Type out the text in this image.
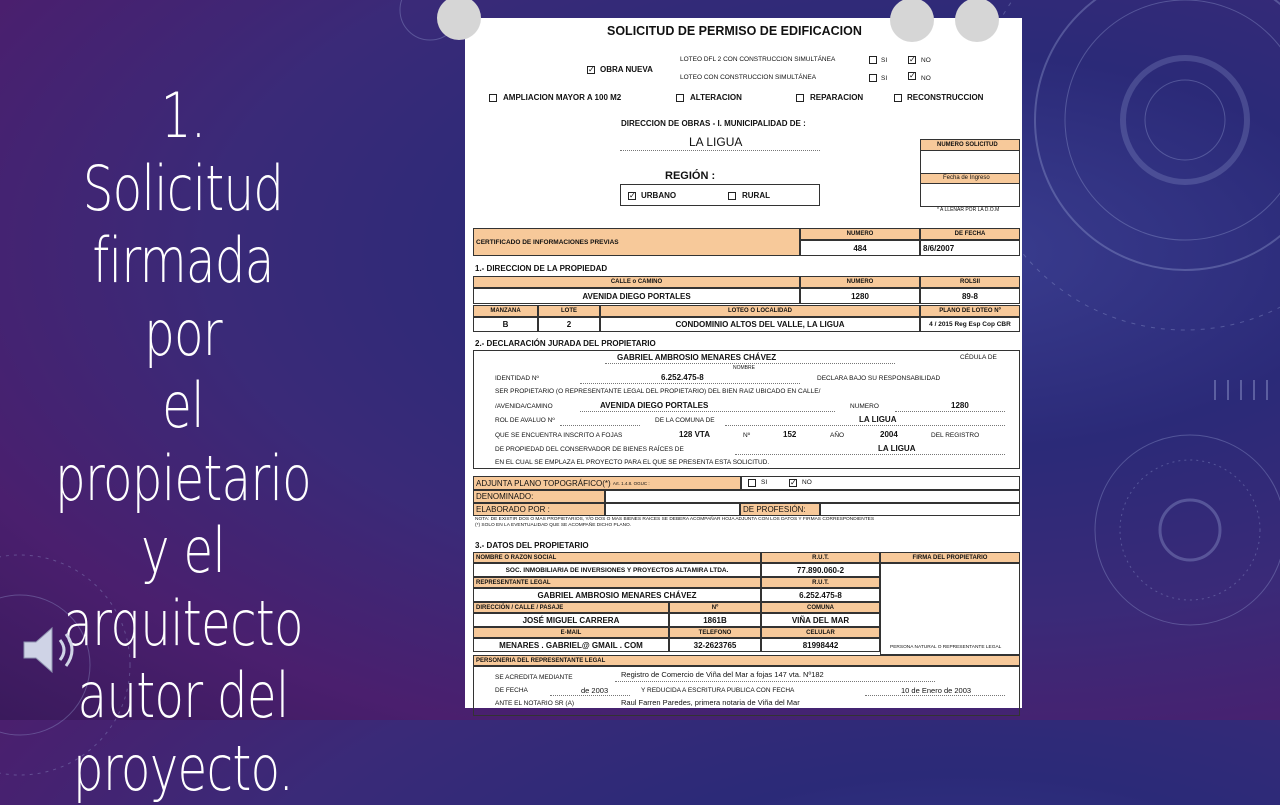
1. Solicitud
firmada por
el propietario
y el
arquitecto
autor del
proyecto.
SOLICITUD DE PERMISO DE EDIFICACION
✓ OBRA NUEVA
LOTEO DFL 2 CON CONSTRUCCION SIMULTÁNEA	SI	✓ NO
LOTEO CON CONSTRUCCION SIMULTÁNEA	SI	✓ NO
AMPLIACION MAYOR A 100 M2	ALTERACION	REPARACION	RECONSTRUCCION
DIRECCION DE OBRAS - I. MUNICIPALIDAD DE :
LA LIGUA	NUMERO SOLICITUD
Fecha de Ingreso
* A LLENAR POR LA D.O.M
REGIÓN :
✓ URBANO	RURAL
CERTIFICADO DE INFORMACIONES PREVIAS
NUMERO	DE FECHA
484	8/6/2007
1.- DIRECCION DE LA PROPIEDAD
CALLE o CAMINO	NUMERO	ROLSII
AVENIDA DIEGO PORTALES	1280	89-8
MANZANA	LOTE	LOTEO O LOCALIDAD	PLANO DE LOTEO Nº
B	2	CONDOMINIO ALTOS DEL VALLE, LA LIGUA	4 / 2015 Reg Esp Cop CBR
2.- DECLARACIÓN JURADA DEL PROPIETARIO
GABRIEL AMBROSIO MENARES CHÁVEZ
NOMBRE
CÉDULA DE
IDENTIDAD Nº	6.252.475-8	DECLARA BAJO SU RESPONSABILIDAD
SER PROPIETARIO (O REPRESENTANTE LEGAL DEL PROPIETARIO) DEL BIEN RAIZ UBICADO EN CALLE/
/AVENIDA/CAMINO	AVENIDA DIEGO PORTALES	NUMERO	1280
ROL DE AVALUO Nº	DE LA COMUNA DE	LA LIGUA
QUE SE ENCUENTRA INSCRITO A FOJAS	128 VTA	Nº	152	AÑO	2004	DEL REGISTRO
DE PROPIEDAD DEL CONSERVADOR DE BIENES RAÍCES DE	LA LIGUA
EN EL CUAL SE EMPLAZA EL PROYECTO PARA EL QUE SE PRESENTA ESTA SOLICITUD.
ADJUNTA PLANO TOPOGRÁFICO(*)
Art. 1.4.8. OGUC :	SI	✓ NO
DENOMINADO:
ELABORADO POR :	DE PROFESIÓN:
NOTA: DE EXISTIR DOS O MAS PROPIETARIOS, Y/O DOS O MAS BIENES RAICES SE DEBERA ACOMPAÑAR HOJA ADJUNTA CON LOS DATOS Y FIRMAS CORRESPONDIENTES
(*) SOLO EN LA EVENTUALIDAD QUE SE ACOMPAÑE DICHO PLANO.
3.- DATOS DEL PROPIETARIO
NOMBRE O RAZON SOCIAL	R.U.T.	FIRMA DEL PROPIETARIO
PERSONA NATURAL O REPRESENTANTE LEGAL
SOC. INMOBILIARIA DE INVERSIONES Y PROYECTOS ALTAMIRA LTDA.	77.890.060-2
REPRESENTANTE LEGAL	R.U.T.
GABRIEL AMBROSIO MENARES CHÁVEZ	6.252.475-8
DIRECCIÓN / CALLE / PASAJE	Nº	COMUNA
JOSÉ MIGUEL CARRERA	1861B	VIÑA DEL MAR
E-MAIL	TELEFONO	CELULAR
MENARES . GABRIEL@ GMAIL . COM	32-2623765	81998442
PERSONERIA DEL REPRESENTANTE LEGAL
SE ACREDITA MEDIANTE	Registro de Comercio de Viña del Mar a fojas 147 vta. Nº182
DE FECHA	de 2003	Y REDUCIDA A ESCRITURA PUBLICA CON FECHA	10 de Enero de 2003
ANTE EL NOTARIO SR (A)	Raul Farren Paredes, primera notaria de Viña del Mar
